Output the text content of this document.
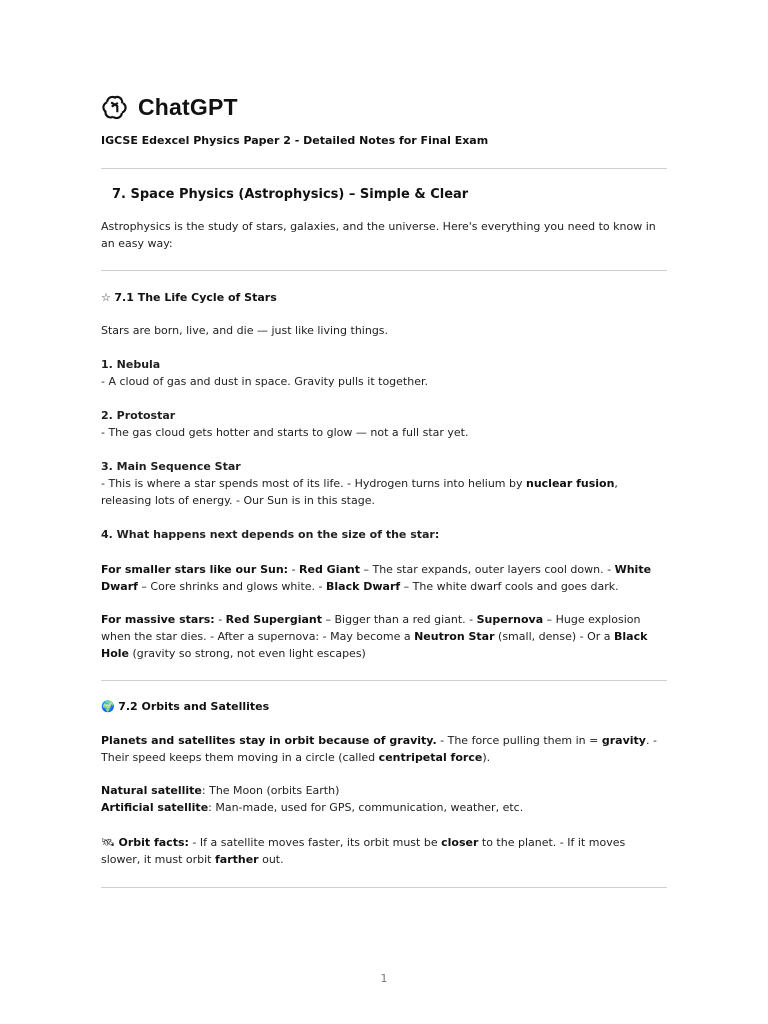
ChatGPT
IGCSE Edexcel Physics Paper 2 - Detailed Notes for Final Exam
7. Space Physics (Astrophysics) – Simple & Clear

Astrophysics is the study of stars, galaxies, and the universe. Here's everything you need to know in an easy way:

☆ 7.1 The Life Cycle of Stars
Stars are born, live, and die — just like living things.

1. Nebula

- A cloud of gas and dust in space. Gravity pulls it together.

2. Protostar

- The gas cloud gets hotter and starts to glow — not a full star yet.

3. Main Sequence Star

- This is where a star spends most of its life. - Hydrogen turns into helium by nuclear fusion, releasing lots of energy. - Our Sun is in this stage.

4. What happens next depends on the size of the star:

For smaller stars like our Sun: - Red Giant – The star expands, outer layers cool down. - White Dwarf – Core shrinks and glows white. - Black Dwarf – The white dwarf cools and goes dark.

For massive stars: - Red Supergiant – Bigger than a red giant. - Supernova – Huge explosion when the star dies. - After a supernova: - May become a Neutron Star (small, dense) - Or a Black Hole (gravity so strong, not even light escapes)

🌍 7.2 Orbits and Satellites

Planets and satellites stay in orbit because of gravity. - The force pulling them in = gravity. - Their speed keeps them moving in a circle (called centripetal force).

Natural satellite: The Moon (orbits Earth)

Artificial satellite: Man-made, used for GPS, communication, weather, etc.

🛰 Orbit facts: - If a satellite moves faster, its orbit must be closer to the planet. - If it moves slower, it must orbit farther out.

1
